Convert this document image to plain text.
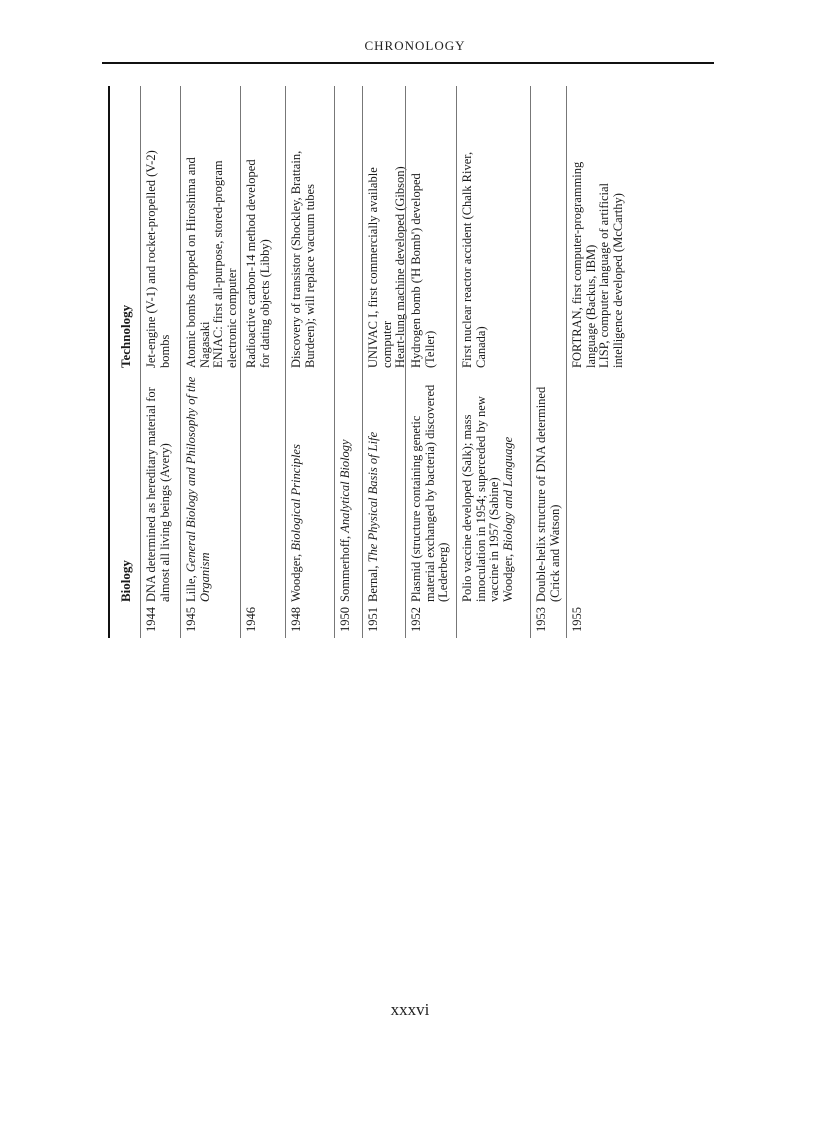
CHRONOLOGY
Biology
Technology
1944
DNA determined as hereditary material for almost all living beings (Avery)
Jet-engine (V-1) and rocket-propelled (V-2) bombs
1945
Lille, General Biology and Philosophy of the
Organism
Atomic bombs dropped on Hiroshima and Nagasaki ENIAC: first all-purpose, stored-program electronic computer
1946
Radioactive carbon-14 method developed for dating objects (Libby)
1948
Woodger, Biological Principles
Discovery of transistor (Shockley, Brattain, Burdeen); will replace vacuum tubes
1950
Sommerhoff, Analytical Biology
1951
Bernal, The Physical Basis of Life
UNIVAC I, first commercially available computer Heart-lung machine developed (Gibson)
1952
Plasmid (structure containing genetic material exchanged by bacteria) discovered (Lederberg)
Hydrogen bomb ('H Bomb') developed (Teller)
Polio vaccine developed (Salk); mass innoculation in 1954; superceded by new vaccine in 1957 (Sabine) Woodger, Biology and Language
First nuclear reactor accident (Chalk River, Canada)
1953
Double-helix structure of DNA determined (Crick and Watson)
1955
FORTRAN, first computer-programming language (Backus, IBM) LISP, computer language of artificial intelligence developed (McCarthy)
xxxvi
